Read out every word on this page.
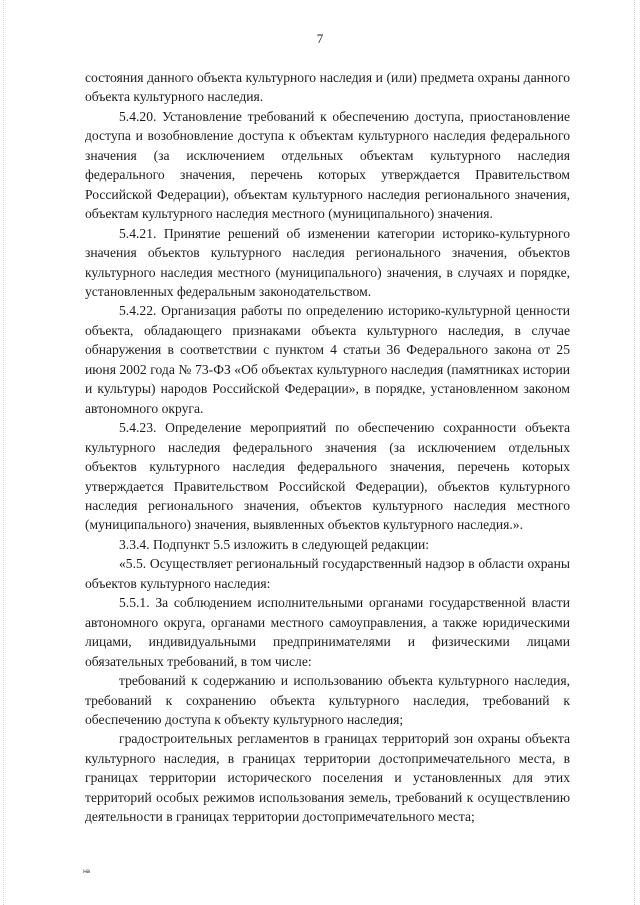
7

состояния данного объекта культурного наследия и (или) предмета охраны данного объекта культурного наследия.

5.4.20. Установление требований к обеспечению доступа, приостановление доступа и возобновление доступа к объектам культурного наследия федерального значения (за исключением отдельных объектам культурного наследия федерального значения, перечень которых утверждается Правительством Российской Федерации), объектам культурного наследия регионального значения, объектам культурного наследия местного (муниципального) значения.

5.4.21. Принятие решений об изменении категории историко-культурного значения объектов культурного наследия регионального значения, объектов культурного наследия местного (муниципального) значения, в случаях и порядке, установленных федеральным законодательством.

5.4.22. Организация работы по определению историко-культурной ценности объекта, обладающего признаками объекта культурного наследия, в случае обнаружения в соответствии с пунктом 4 статьи 36 Федерального закона от 25 июня 2002 года № 73-ФЗ «Об объектах культурного наследия (памятниках истории и культуры) народов Российской Федерации», в порядке, установленном законом автономного округа.

5.4.23. Определение мероприятий по обеспечению сохранности объекта культурного наследия федерального значения (за исключением отдельных объектов культурного наследия федерального значения, перечень которых утверждается Правительством Российской Федерации), объектов культурного наследия регионального значения, объектов культурного наследия местного (муниципального) значения, выявленных объектов культурного наследия.».

3.3.4. Подпункт 5.5 изложить в следующей редакции:

«5.5. Осуществляет региональный государственный надзор в области охраны объектов культурного наследия:

5.5.1. За соблюдением исполнительными органами государственной власти автономного округа, органами местного самоуправления, а также юридическими лицами, индивидуальными предпринимателями и физическими лицами обязательных требований, в том числе:

требований к содержанию и использованию объекта культурного наследия, требований к сохранению объекта культурного наследия, требований к обеспечению доступа к объекту культурного наследия;

градостроительных регламентов в границах территорий зон охраны объекта культурного наследия, в границах территории достопримечательного места, в границах территории исторического поселения и установленных для этих территорий особых режимов использования земель, требований к осуществлению деятельности в границах территории достопримечательного места;

на
